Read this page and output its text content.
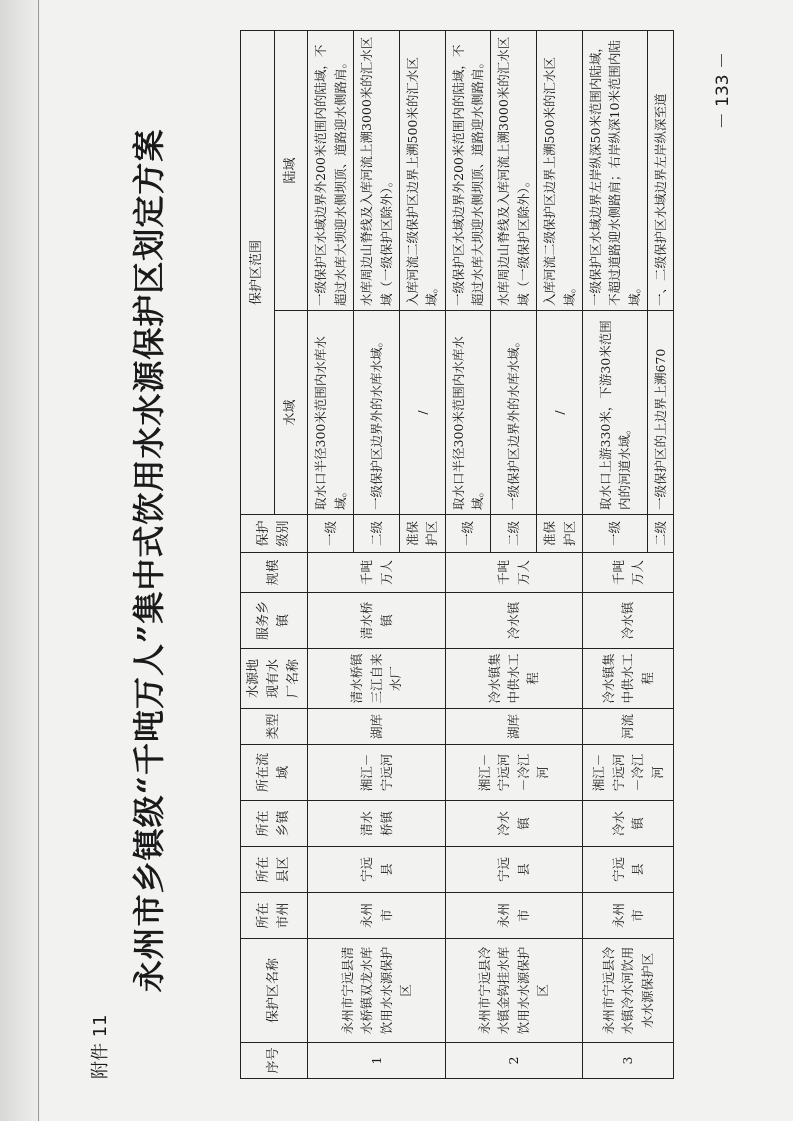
附件 11
永州市乡镇级“千吨万人”集中式饮用水水源保护区划定方案
序号	保护区名称	所在市州	所在县区	所在乡镇	所在流域	类型	水源地现有水厂名称	服务乡镇	规模	保护级别	保护区范围	
											水域	陆域
1	永州市宁远县清水桥镇双龙水库饮用水水源保护区	永州市	宁远县	清水桥镇	湘江－宁远河	湖库	清水桥镇三江自来水厂	清水桥镇	千吨万人	一级	取水口半径300米范围内水库水域。	一级保护区水域边界外200米范围内的陆域，不超过水库大坝迎水侧坝顶、道路迎水侧路肩。
										二级	一级保护区边界外的水库水域。	水库周边山脊线及入库河流上溯3000米的汇水区域（一级保护区除外）。
										准保护区	/	入库河流二级保护区边界上溯500米的汇水区域。
2	永州市宁远县冷水镇金钩挂水库饮用水水源保护区	永州市	宁远县	冷水镇	湘江－宁远河－冷江河	湖库	冷水镇集中供水工程	冷水镇	千吨万人	一级	取水口半径300米范围内水库水域。	一级保护区水域边界外200米范围内的陆域，不超过水库大坝迎水侧坝顶、道路迎水侧路肩。
										二级	一级保护区边界外的水库水域。	水库周边山脊线及入库河流上溯3000米的汇水区域（一级保护区除外）。
										准保护区	/	入库河流二级保护区边界上溯500米的汇水区域。
3	永州市宁远县冷水镇冷水河饮用水水源保护区	永州市	宁远县	冷水镇	湘江－宁远河－冷江河	河流	冷水镇集中供水工程	冷水镇	千吨万人	一级	取水口上游330米，下游30米范围内的河道水域。	一级保护区水域边界左岸纵深50米范围内陆域，不超过道路迎水侧路肩；右岸纵深10米范围内陆域。
										二级	一级保护区的上边界上溯670	一、二级保护区水域边界左岸纵深至道
－ 133 －
